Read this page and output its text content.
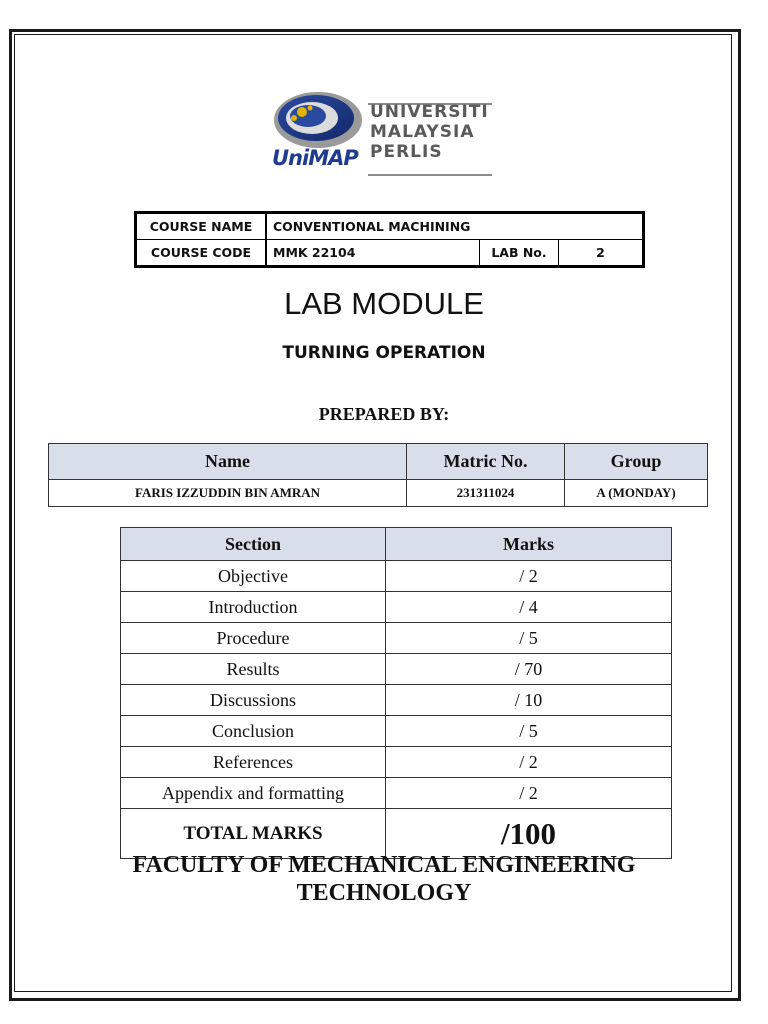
UNIVERSITI
MALAYSIA
PERLIS
UniMAP
COURSE NAME	CONVENTIONAL MACHINING		
COURSE CODE	MMK 22104	LAB No.	2
LAB MODULE
TURNING OPERATION
PREPARED BY:
Name	Matric No.	Group
FARIS IZZUDDIN BIN AMRAN	231311024	A (MONDAY)
Section	Marks
Objective	/ 2
Introduction	/ 4
Procedure	/ 5
Results	/ 70
Discussions	/ 10
Conclusion	/ 5
References	/ 2
Appendix and formatting	/ 2
TOTAL MARKS	/100
FACULTY OF MECHANICAL ENGINEERING
TECHNOLOGY
